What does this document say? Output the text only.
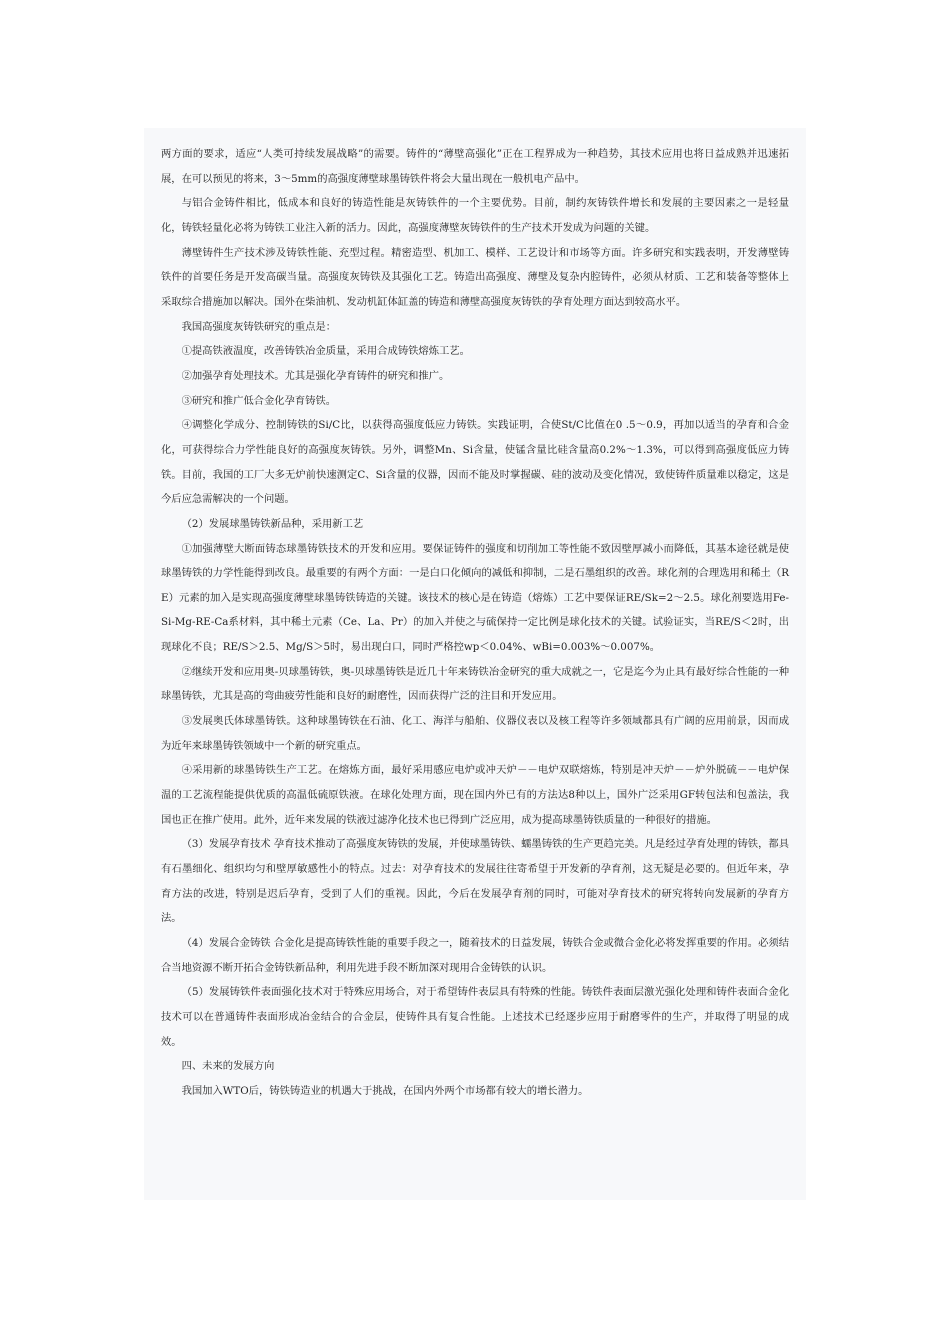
两方面的要求，适应“人类可持续发展战略”的需要。铸件的“薄壁高强化”正在工程界成为一种趋势，其技术应用也将日益成熟并迅速拓展，在可以预见的将来，3～5mm的高强度薄壁球墨铸铁件将会大量出现在一般机电产品中。

与铝合金铸件相比，低成本和良好的铸造性能是灰铸铁件的一个主要优势。目前，制约灰铸铁件增长和发展的主要因素之一是轻量化，铸铁轻量化必将为铸铁工业注入新的活力。因此，高强度薄壁灰铸铁件的生产技术开发成为问题的关键。

薄壁铸件生产技术涉及铸铁性能、充型过程。精密造型、机加工、模样、工艺设计和市场等方面。许多研究和实践表明，开发薄壁铸铁件的首要任务是开发高碳当量。高强度灰铸铁及其强化工艺。铸造出高强度、薄壁及复杂内腔铸件，必须从材质、工艺和装备等整体上采取综合措施加以解决。国外在柴油机、发动机缸体缸盖的铸造和薄壁高强度灰铸铁的孕育处理方面达到较高水平。

我国高强度灰铸铁研究的重点是：

①提高铁液温度，改善铸铁冶金质量，采用合成铸铁熔炼工艺。

②加强孕育处理技术。尤其是强化孕育铸件的研究和推广。

③研究和推广低合金化孕育铸铁。

④调整化学成分、控制铸铁的Si/C比，以获得高强度低应力铸铁。实践证明，合使St/C比值在0 .5～0.9，再加以适当的孕育和合金化，可获得综合力学性能良好的高强度灰铸铁。另外，调整Mn、Si含量，使锰含量比硅含量高0.2%～1.3%，可以得到高强度低应力铸铁。目前，我国的工厂大多无炉前快速测定C、Si含量的仪器，因而不能及时掌握碳、硅的波动及变化情况，致使铸件质量难以稳定，这是今后应急需解决的一个问题。

（2）发展球墨铸铁新品种，采用新工艺

①加强薄壁大断面铸态球墨铸铁技术的开发和应用。要保证铸件的强度和切削加工等性能不致因壁厚减小而降低，其基本途径就是使球墨铸铁的力学性能得到改良。最重要的有两个方面：一是白口化倾向的减低和抑制，二是石墨组织的改善。球化剂的合理选用和稀土（RE）元素的加入是实现高强度薄壁球墨铸铁铸造的关键。该技术的核心是在铸造（熔炼）工艺中要保证RE/Sk=2～2.5。球化剂要选用Fe-Si-Mg-RE-Ca系材料，其中稀土元素（Ce、La、Pr）的加入并使之与硫保持一定比例是球化技术的关键。试验证实，当RE/S＜2时，出现球化不良；RE/S＞2.5、Mg/S＞5时，易出现白口，同时严格控wp＜0.04%、wBi=0.003%～0.007%。

②继续开发和应用奥-贝球墨铸铁，奥-贝球墨铸铁是近几十年来铸铁冶金研究的重大成就之一，它是迄今为止具有最好综合性能的一种球墨铸铁，尤其是高的弯曲疲劳性能和良好的耐磨性，因而获得广泛的注目和开发应用。

③发展奥氏体球墨铸铁。这种球墨铸铁在石油、化工、海洋与船舶、仪器仪表以及核工程等许多领域都具有广阔的应用前景，因而成为近年来球墨铸铁领域中一个新的研究重点。

④采用新的球墨铸铁生产工艺。在熔炼方面，最好采用感应电炉或冲天炉－－电炉双联熔炼，特别是冲天炉－－炉外脱硫－－电炉保温的工艺流程能提供优质的高温低硫原铁液。在球化处理方面，现在国内外已有的方法达8种以上，国外广泛采用GF转包法和包盖法，我国也正在推广使用。此外，近年来发展的铁液过滤净化技术也已得到广泛应用，成为提高球墨铸铁质量的一种很好的措施。

（3）发展孕育技术 孕育技术推动了高强度灰铸铁的发展，并使球墨铸铁、蠕墨铸铁的生产更趋完美。凡是经过孕育处理的铸铁，都具有石墨细化、组织均匀和壁厚敏感性小的特点。过去：对孕育技术的发展往往寄希望于开发新的孕育剂，这无疑是必要的。但近年来，孕育方法的改进，特别是迟后孕育，受到了人们的重视。因此，今后在发展孕育剂的同时，可能对孕育技术的研究将转向发展新的孕育方法。

（4）发展合金铸铁 合金化是提高铸铁性能的重要手段之一，随着技术的日益发展，铸铁合金或微合金化必将发挥重要的作用。必须结合当地资源不断开拓合金铸铁新品种，利用先进手段不断加深对现用合金铸铁的认识。

（5）发展铸铁件表面强化技术对于特殊应用场合，对于希望铸件表层具有特殊的性能。铸铁件表面层激光强化处理和铸件表面合金化技术可以在普通铸件表面形成冶金结合的合金层，使铸件具有复合性能。上述技术已经逐步应用于耐磨零件的生产，并取得了明显的成效。

四、未来的发展方向

我国加入WTO后，铸铁铸造业的机遇大于挑战，在国内外两个市场都有较大的增长潜力。
